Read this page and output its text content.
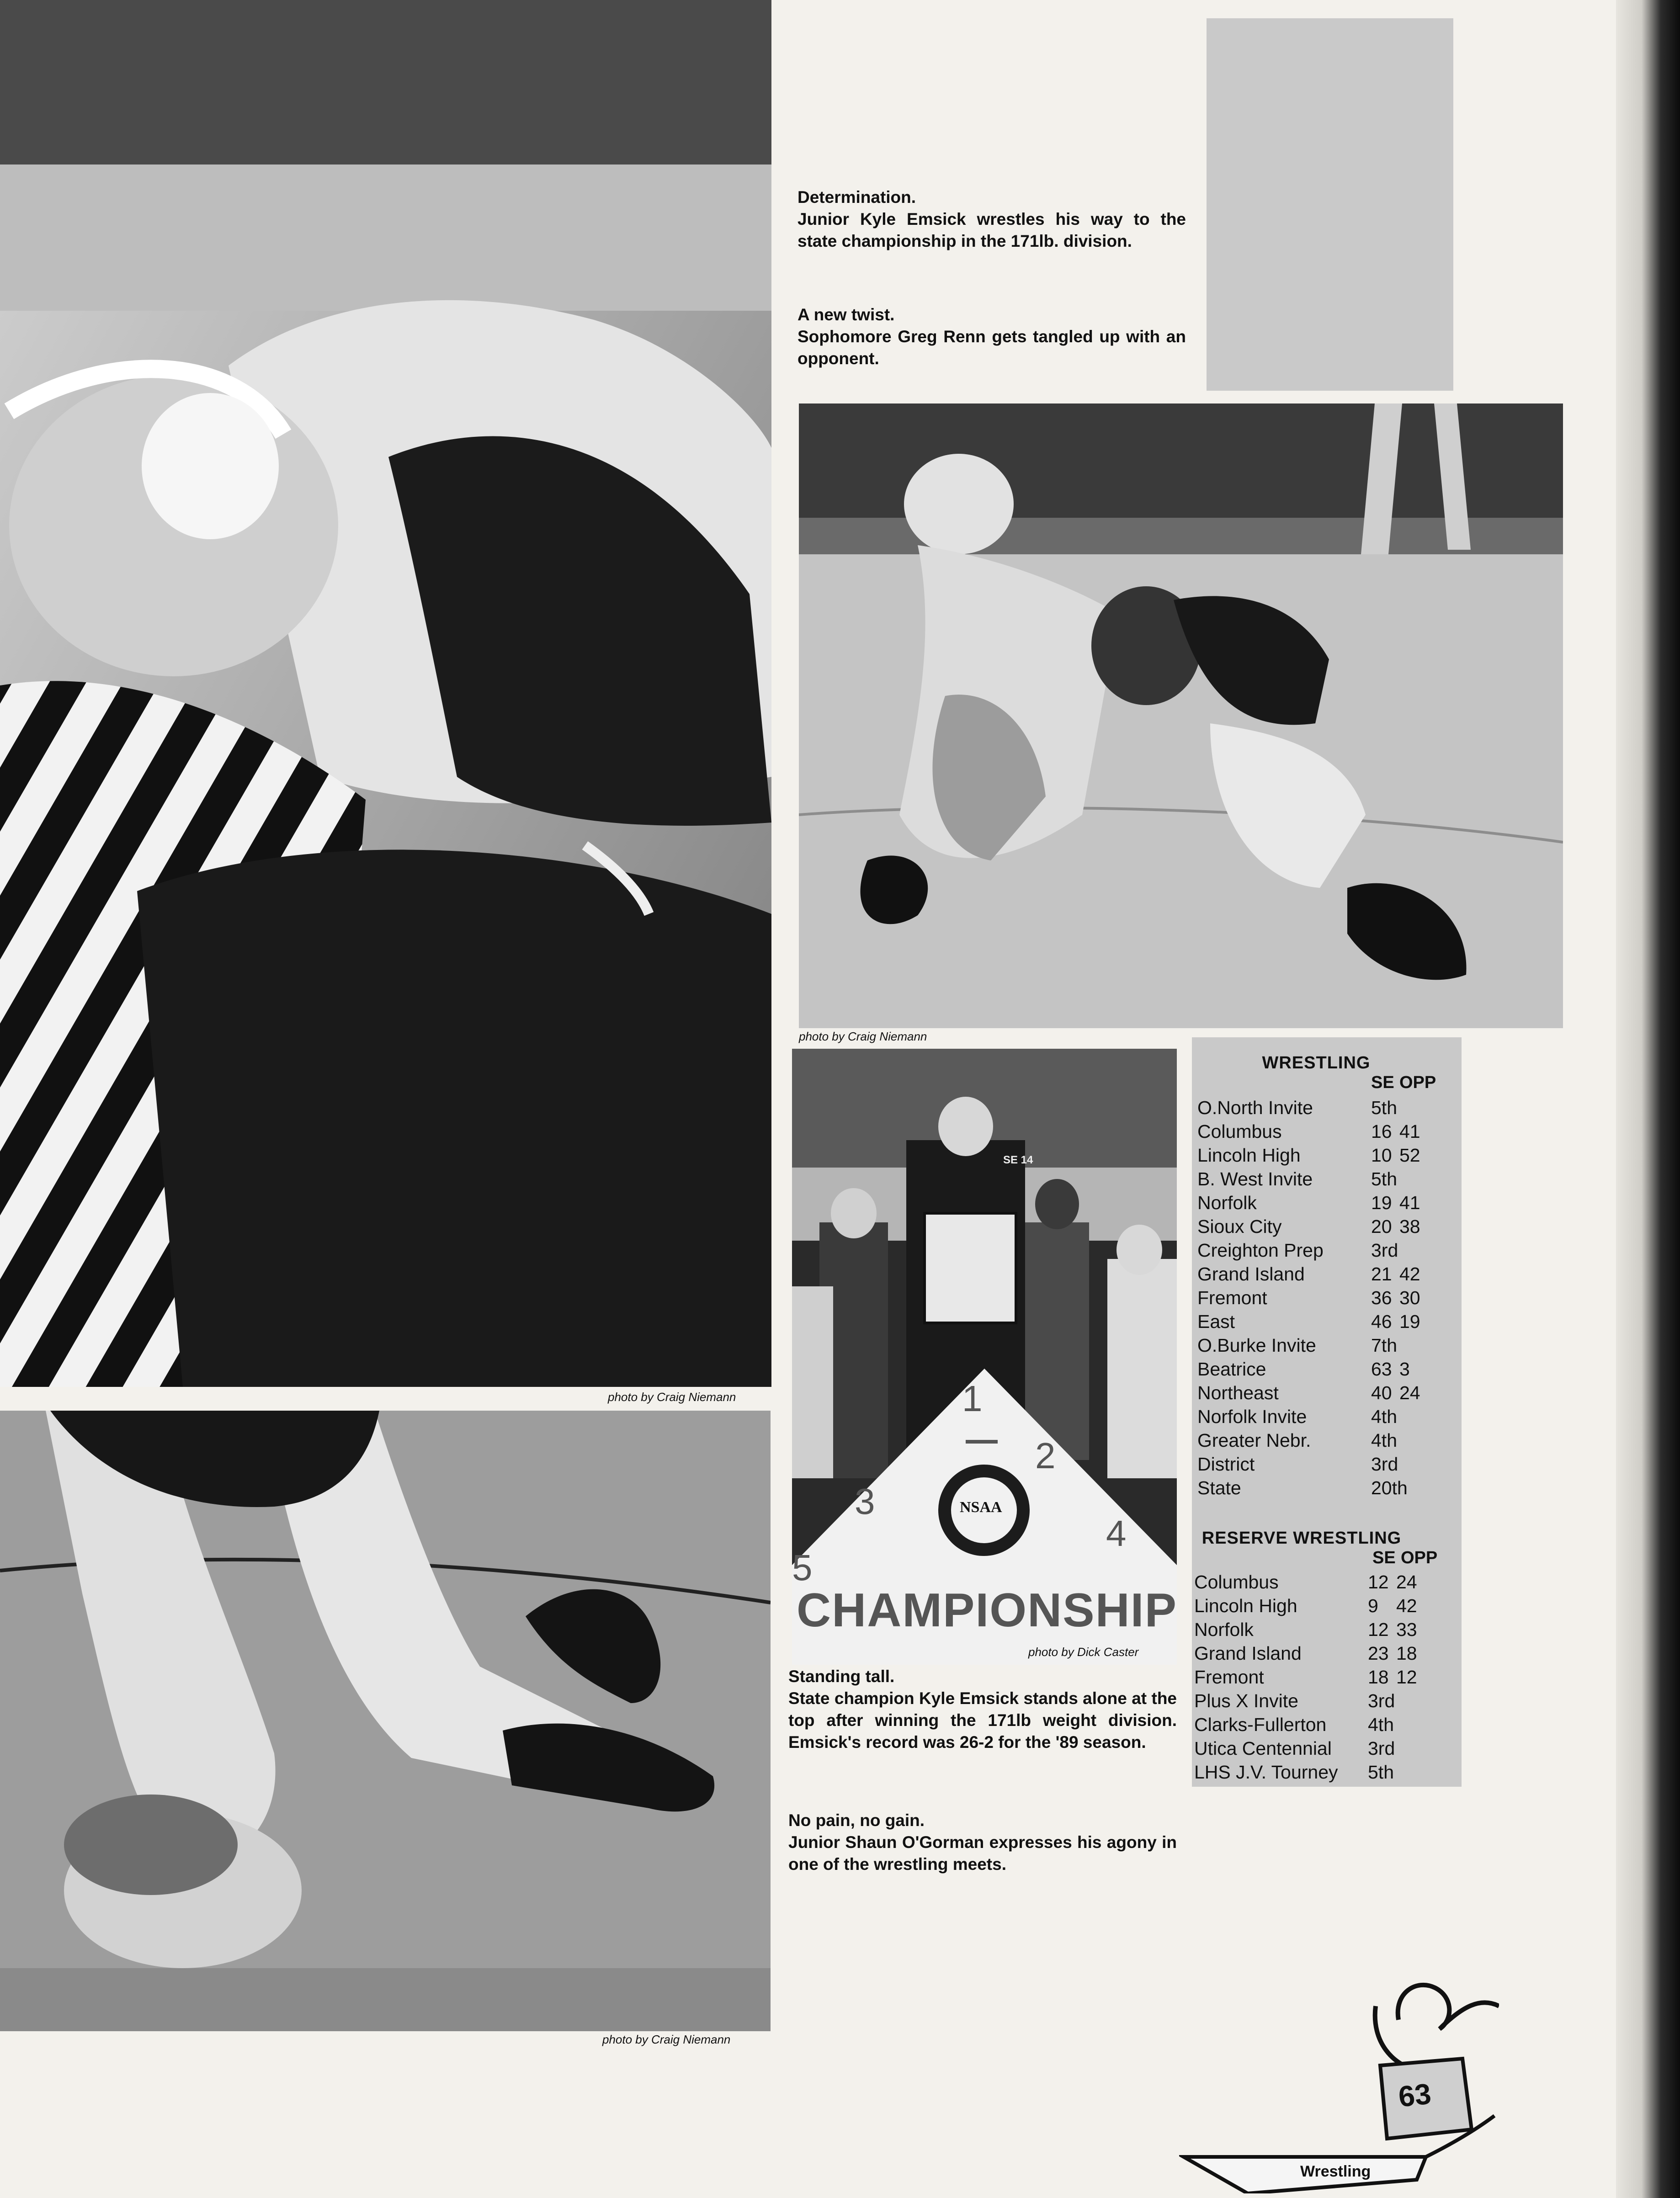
photo by Craig Niemann
photo by Craig Niemann

Determination.

Junior Kyle Emsick wrestles his way to the state championship in the 171lb. division.

A new twist.

Sophomore Greg Renn gets tangled up with an opponent.

photo by Craig Niemann
1
2
3
4
5
NSAA
SE 14
CHAMPIONSHIP
photo by Dick Caster

Standing tall.

State champion Kyle Emsick stands alone at the top after winning the 171lb weight division. Emsick's record was 26-2 for the '89 season.

No pain, no gain.

Junior Shaun O'Gorman expresses his agony in one of the wrestling meets.

WRESTLING
SE OPP
O.North Invite	5th
Columbus	16 41
Lincoln High	10 52
B. West Invite	5th
Norfolk	19 41
Sioux City	20 38
Creighton Prep	3rd
Grand Island	21 42
Fremont	36 30
East	46 19
O.Burke Invite	7th
Beatrice	63 3
Northeast	40 24
Norfolk Invite	4th
Greater Nebr.	4th
District	3rd
State	20th
RESERVE WRESTLING
SE OPP
Columbus	12 24
Lincoln High	9 42
Norfolk	12 33
Grand Island	23 18
Fremont	18 12
Plus X Invite	3rd
Clarks-Fullerton	4th
Utica Centennial	3rd
LHS J.V. Tourney	5th
63
Wrestling
